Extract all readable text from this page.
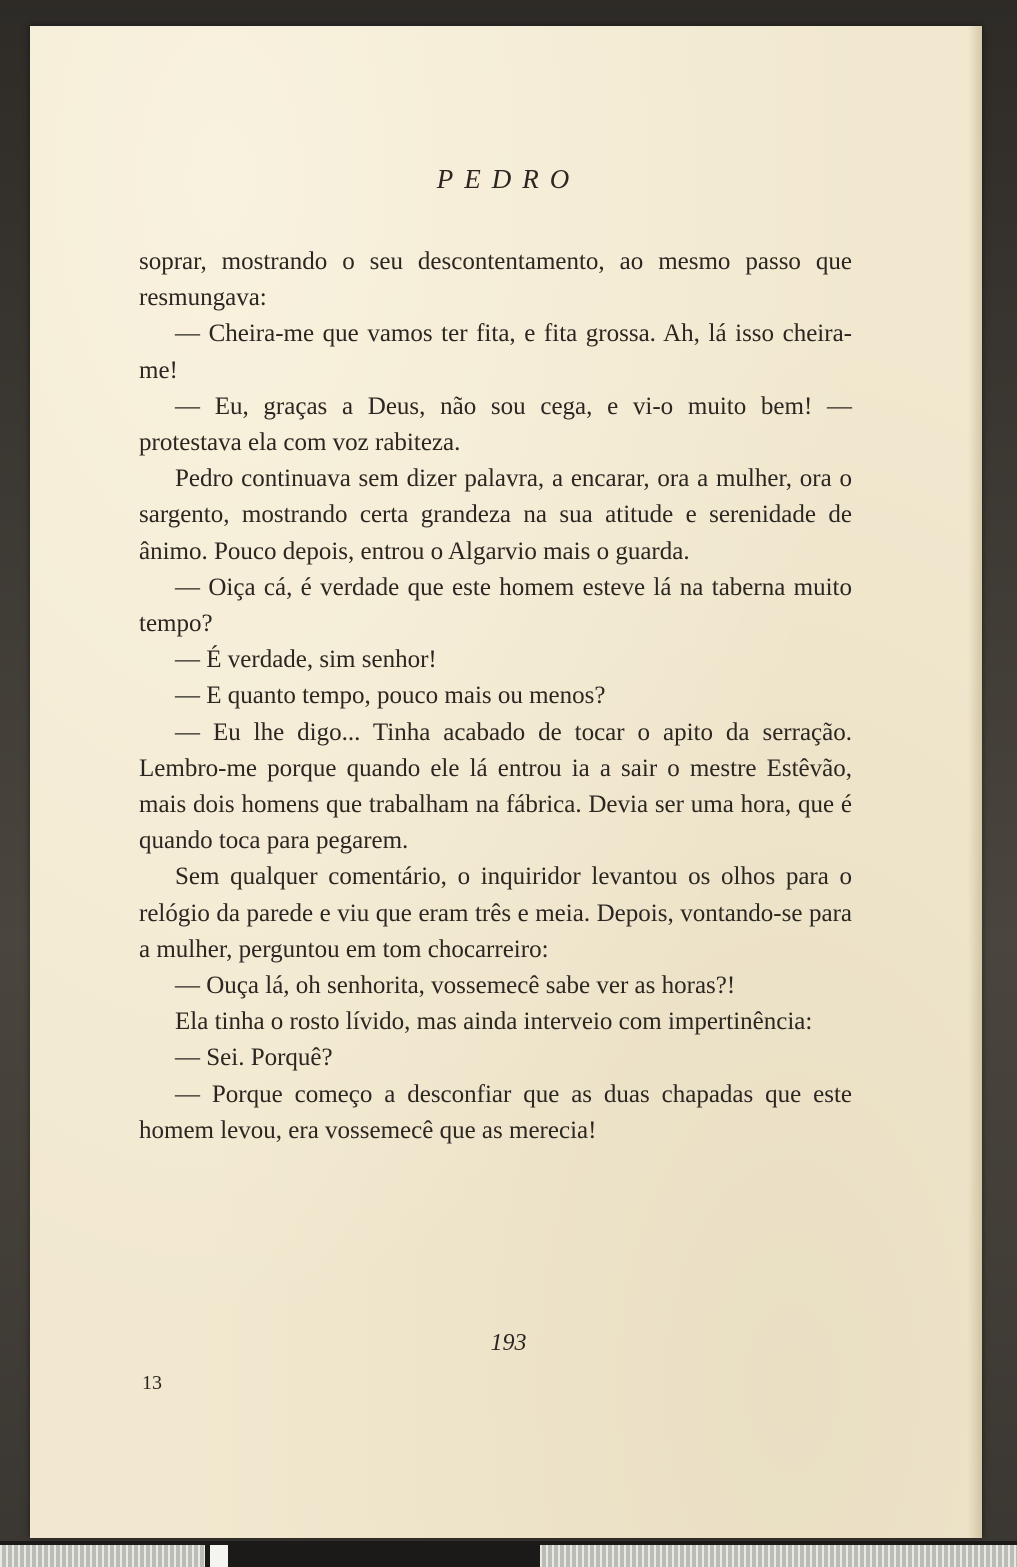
PEDRO

soprar, mostrando o seu descontentamento, ao mesmo passo que resmungava:

— Cheira-me que vamos ter fita, e fita grossa. Ah, lá isso cheira-me!

— Eu, graças a Deus, não sou cega, e vi-o muito bem! — protestava ela com voz rabiteza.

Pedro continuava sem dizer palavra, a encarar, ora a mulher, ora o sargento, mostrando certa grandeza na sua atitude e serenidade de ânimo. Pouco depois, entrou o Algarvio mais o guarda.

— Oiça cá, é verdade que este homem esteve lá na taberna muito tempo?

— É verdade, sim senhor!

— E quanto tempo, pouco mais ou menos?

— Eu lhe digo... Tinha acabado de tocar o apito da serração. Lembro-me porque quando ele lá entrou ia a sair o mestre Estêvão, mais dois homens que trabalham na fábrica. Devia ser uma hora, que é quando toca para pegarem.

Sem qualquer comentário, o inquiridor levantou os olhos para o relógio da parede e viu que eram três e meia. Depois, vontando-se para a mulher, perguntou em tom chocarreiro:

— Ouça lá, oh senhorita, vossemecê sabe ver as horas?!

Ela tinha o rosto lívido, mas ainda interveio com impertinência:

— Sei. Porquê?

— Porque começo a desconfiar que as duas chapadas que este homem levou, era vossemecê que as merecia!

193
13
